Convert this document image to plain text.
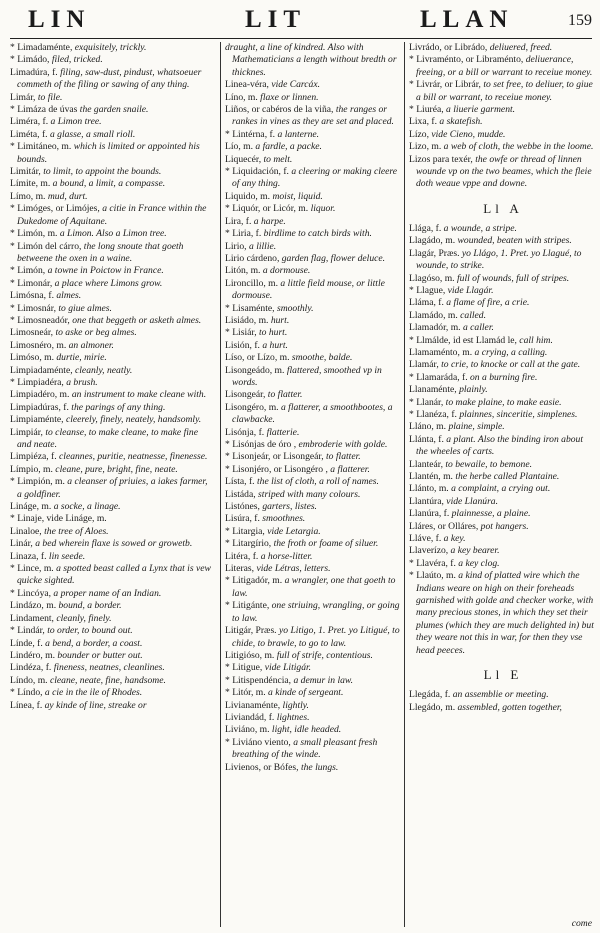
LIN	LIT	LLAN	159

* Limadaménte, exquisitely, trickly.

* Limádo, filed, tricked.

Limadúra, f. filing, saw-dust, pindust, whatsoeuer commeth of the filing or sawing of any thing.

Limár, to file.

* Limáza de úvas the garden snaile.

Liméra, f. a Limon tree.

Liméta, f. a glasse, a small rioll.

* Limitáneo, m. which is limited or appointed his bounds.

Limitár, to limit, to appoint the bounds.

Límite, m. a bound, a limit, a compasse.

Límo, m. mud, durt.

* Limóges, or Limójes, a citie in France within the Dukedome of Aquitane.

* Limón, m. a Limon. Also a Limon tree.

* Limón del cárro, the long snoute that goeth betweene the oxen in a waine.

* Limón, a towne in Poictow in France.

* Limonár, a place where Limons grow.

Limósna, f. almes.

* Limosnár, to giue almes.

* Limosneadór, one that beggeth or asketh almes.

Limosneár, to aske or beg almes.

Limosnéro, m. an almoner.

Limóso, m. durtie, mirie.

Limpiadaménte, cleanly, neatly.

* Limpiadéra, a brush.

Limpiadéro, m. an instrument to make cleane with.

Limpiadúras, f. the parings of any thing.

Limpiaménte, cleerely, finely, neately, handsomly.

Limpiár, to cleanse, to make cleane, to make fine and neate.

Limpiéza, f. cleannes, puritie, neatnesse, finenesse.

Límpio, m. cleane, pure, bright, fine, neate.

* Limpión, m. a cleanser of priuies, a iakes farmer, a goldfiner.

Lináge, m. a socke, a linage.

* Linaje, vide Lináge, m.

Linaloe, the tree of Aloes.

Linár, a bed wherein flaxe is sowed or growetb.

Linaza, f. lin seede.

* Lince, m. a spotted beast called a Lynx that is vew quicke sighted.

* Lincóya, a proper name of an Indian.

Lindázo, m. bound, a border.

Lindament, cleanly, finely.

* Lindár, to order, to bound out.

Línde, f. a bend, a border, a coast.

Lindéro, m. bounder or butter out.

Lindéza, f. fineness, neatnes, cleanlines.

Líndo, m. cleane, neate, fine, handsome.

* Líndo, a cie in the ile of Rhodes.

Línea, f. ay kinde of line, streake or

draught, a line of kindred. Also with Mathematicians a length without bredth or thicknes.

Linea-véra, vide Carcáx.

Líno, m. flaxe or linnen.

Liños, or cabéros de la viña, the ranges or rankes in vines as they are set and placed.

* Lintérna, f. a lanterne.

Lío, m. a fardle, a packe.

Liquecér, to melt.

* Liquidación, f. a cleering or making cleere of any thing.

Liquido, m. moist, liquid.

* Liquór, or Licór, m. liquor.

Lira, f. a harpe.

* Liria, f. birdlime to catch birds with.

Lirio, a lillie.

Lirio cárdeno, garden flag, flower deluce.

Litón, m. a dormouse.

Lironcillo, m. a little field mouse, or little dormouse.

* Lisaménte, smoothly.

Lisiádo, m. hurt.

* Lisiár, to hurt.

Lisión, f. a hurt.

Líso, or Lízo, m. smoothe, balde.

Lisongeádo, m. flattered, smoothed vp in words.

Lisongeár, to flatter.

Lisongéro, m. a flatterer, a smoothbootes, a clawbacke.

Lisónja, f. flatterie.

* Lisónjas de óro , embroderie with golde.

* Lisonjeár, or Lisongeár, to flatter.

* Lisonjéro, or Lisongéro , a flatterer.

Lísta, f. the list of cloth, a roll of names.

Listáda, striped with many colours.

Listónes, garters, listes.

Lisúra, f. smoothnes.

* Litargia, vide Letargia.

* Litargírio, the froth or foame of siluer.

Litéra, f. a horse-litter.

Literas, vide Létras, letters.

* Litigadór, m. a wrangler, one that goeth to law.

* Litigánte, one striuing, wrangling, or going to law.

Litigár, Præs. yo Litigo, 1. Pret. yo Litigué, to chide, to brawle, to go to law.

Litigióso, m. full of strife, contentious.

* Litigue, vide Litigár.

* Litispendéncia, a demur in law.

* Litór, m. a kinde of sergeant.

Livianaménte, lightly.

Liviandád, f. lightnes.

Liviáno, m. light, idle headed.

* Liviáno viento, a small pleasant fresh breathing of the winde.

Livienos, or Bófes, the lungs.

Livrádo, or Librádo, deliuered, freed.

* Livraménto, or Libraménto, deliuerance, freeing, or a bill or warrant to receiue money.

* Livrár, or Librár, to set free, to deliuer, to giue a bill or warrant, to receiue money.

* Liuréa, a liuerie garment.

Lixa, f. a skatefish.

Lízo, vide Cieno, mudde.

Lizo, m. a web of cloth, the webbe in the loome.

Lizos para texér, the owfe or thread of linnen wounde vp on the two beames, which the fleie doth weaue vppe and downe.

Ll A

Llága, f. a wounde, a stripe.

Llagádo, m. wounded, beaten with stripes.

Llagár, Præs. yo Llágo, 1. Pret. yo Llagué, to wounde, to strike.

Llagóso, m. full of wounds, full of stripes.

* Llague, vide Llagár.

Lláma, f. a flame of fire, a crie.

Llamádo, m. called.

Llamadór, m. a caller.

* Llmálde, id est Llamád le, call him.

Llamaménto, m. a crying, a calling.

Llamár, to crie, to knocke or call at the gate.

* Llamaráda, f. on a burning fire.

Llanaménte, plainly.

* Llanár, to make plaine, to make easie.

* Llanéza, f. plainnes, sinceritie, simplenes.

Lláno, m. plaine, simple.

Llánta, f. a plant. Also the binding iron about the wheeles of carts.

Llanteár, to bewaile, to bemone.

Llantén, m. the herbe called Plantaine.

Llánto, m. a complaint, a crying out.

Llantúra, vide Llanúra.

Llanúra, f. plainnesse, a plaine.

Lláres, or Olláres, pot hangers.

Lláve, f. a key.

Llaverízo, a key bearer.

* Llavéra, f. a key clog.

* Llaúto, m. a kind of platted wire which the Indians weare on high on their foreheads garnished with golde and checker worke, with many precious stones, in which they set their plumes (which they are much delighted in) but they weare not this in war, for then they vse head peeces.

Ll E

Llegáda, f. an assemblie or meeting.

Llegádo, m. assembled, gotten together,

come
